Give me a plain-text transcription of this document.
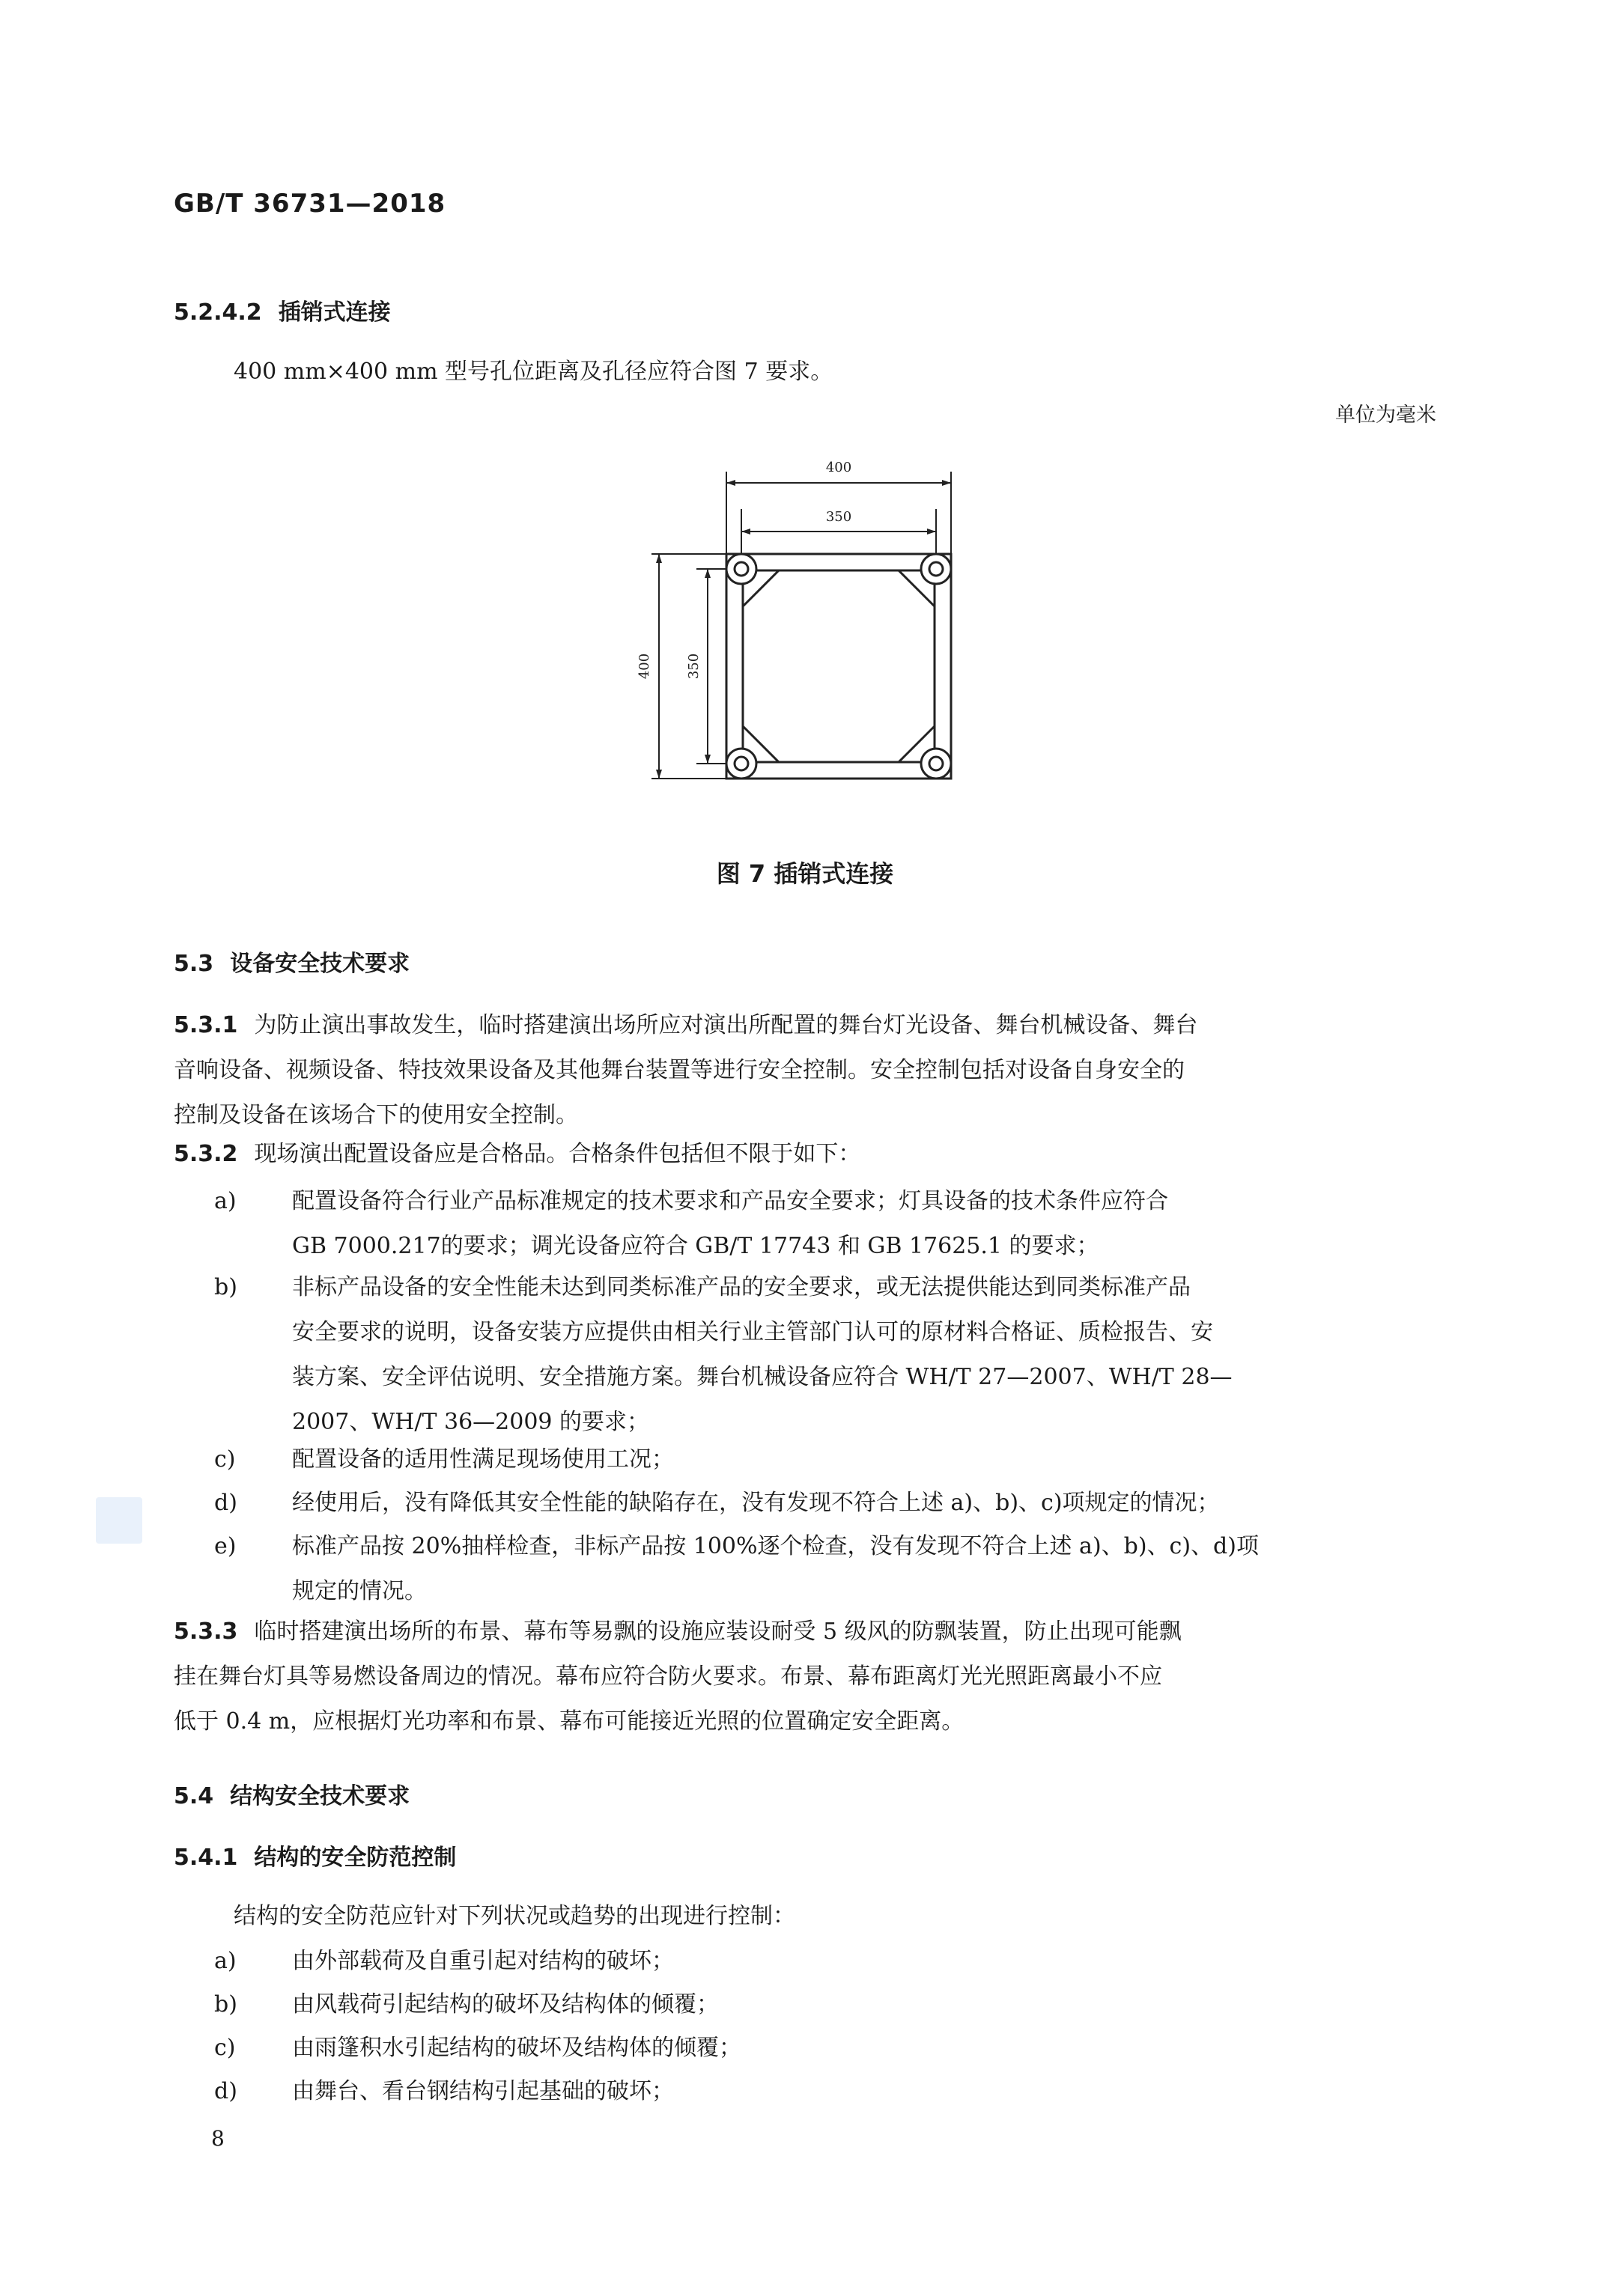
GB/T 36731—2018
5.2.4.2 插销式连接
400 mm×400 mm 型号孔位距离及孔径应符合图 7 要求。
单位为毫米
400
350
400	350
图 7 插销式连接
5.3 设备安全技术要求
5.3.1 为防止演出事故发生，临时搭建演出场所应对演出所配置的舞台灯光设备、舞台机械设备、舞台
音响设备、视频设备、特技效果设备及其他舞台装置等进行安全控制。安全控制包括对设备自身安全的
控制及设备在该场合下的使用安全控制。
5.3.2 现场演出配置设备应是合格品。合格条件包括但不限于如下：
a) 配置设备符合行业产品标准规定的技术要求和产品安全要求；灯具设备的技术条件应符合
GB 7000.217的要求；调光设备应符合 GB/T 17743 和 GB 17625.1 的要求；
b) 非标产品设备的安全性能未达到同类标准产品的安全要求，或无法提供能达到同类标准产品
安全要求的说明，设备安装方应提供由相关行业主管部门认可的原材料合格证、质检报告、安
装方案、安全评估说明、安全措施方案。舞台机械设备应符合 WH/T 27—2007、WH/T 28—
2007、WH/T 36—2009 的要求；
c)	配置设备的适用性满足现场使用工况；
d) 经使用后，没有降低其安全性能的缺陷存在，没有发现不符合上述 a)、b)、c)项规定的情况；
e) 标准产品按 20%抽样检查，非标产品按 100%逐个检查，没有发现不符合上述 a)、b)、c)、d)项
规定的情况。
5.3.3 临时搭建演出场所的布景、幕布等易飘的设施应装设耐受 5 级风的防飘装置，防止出现可能飘
挂在舞台灯具等易燃设备周边的情况。幕布应符合防火要求。布景、幕布距离灯光光照距离最小不应
低于 0.4 m，应根据灯光功率和布景、幕布可能接近光照的位置确定安全距离。
5.4 结构安全技术要求
5.4.1 结构的安全防范控制
结构的安全防范应针对下列状况或趋势的出现进行控制：
a) 由外部载荷及自重引起对结构的破坏；
b) 由风载荷引起结构的破坏及结构体的倾覆；
c)	由雨篷积水引起结构的破坏及结构体的倾覆；
d) 由舞台、看台钢结构引起基础的破坏；
8
